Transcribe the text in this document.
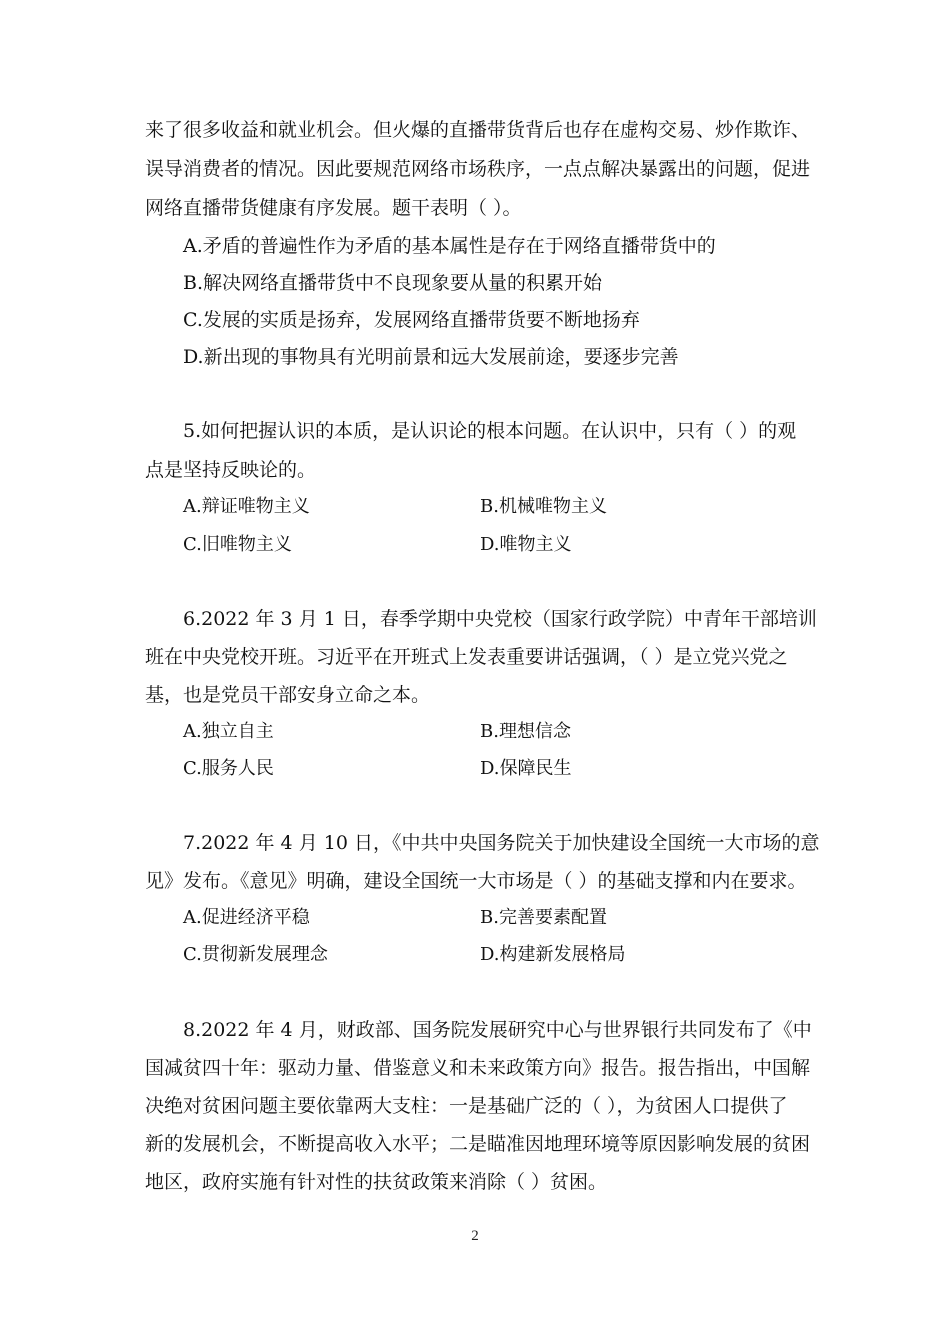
来了很多收益和就业机会。但火爆的直播带货背后也存在虚构交易、炒作欺诈、
误导消费者的情况。因此要规范网络市场秩序，一点点解决暴露出的问题，促进
网络直播带货健康有序发展。题干表明（ ）。
A.矛盾的普遍性作为矛盾的基本属性是存在于网络直播带货中的
B.解决网络直播带货中不良现象要从量的积累开始
C.发展的实质是扬弃，发展网络直播带货要不断地扬弃
D.新出现的事物具有光明前景和远大发展前途，要逐步完善
5.如何把握认识的本质，是认识论的根本问题。在认识中，只有（ ）的观
点是坚持反映论的。
A.辩证唯物主义	B.机械唯物主义
C.旧唯物主义	D.唯物主义
6.2022 年 3 月 1 日，春季学期中央党校（国家行政学院）中青年干部培训
班在中央党校开班。习近平在开班式上发表重要讲话强调，（ ）是立党兴党之
基，也是党员干部安身立命之本。
A.独立自主	B.理想信念
C.服务人民	D.保障民生
7.2022 年 4 月 10 日，《中共中央国务院关于加快建设全国统一大市场的意
见》发布。《意见》明确，建设全国统一大市场是（ ）的基础支撑和内在要求。
A.促进经济平稳	B.完善要素配置
C.贯彻新发展理念	D.构建新发展格局
8.2022 年 4 月，财政部、国务院发展研究中心与世界银行共同发布了《中
国减贫四十年：驱动力量、借鉴意义和未来政策方向》报告。报告指出，中国解
决绝对贫困问题主要依靠两大支柱：一是基础广泛的（ ），为贫困人口提供了
新的发展机会，不断提高收入水平；二是瞄准因地理环境等原因影响发展的贫困
地区，政府实施有针对性的扶贫政策来消除（ ）贫困。
2
